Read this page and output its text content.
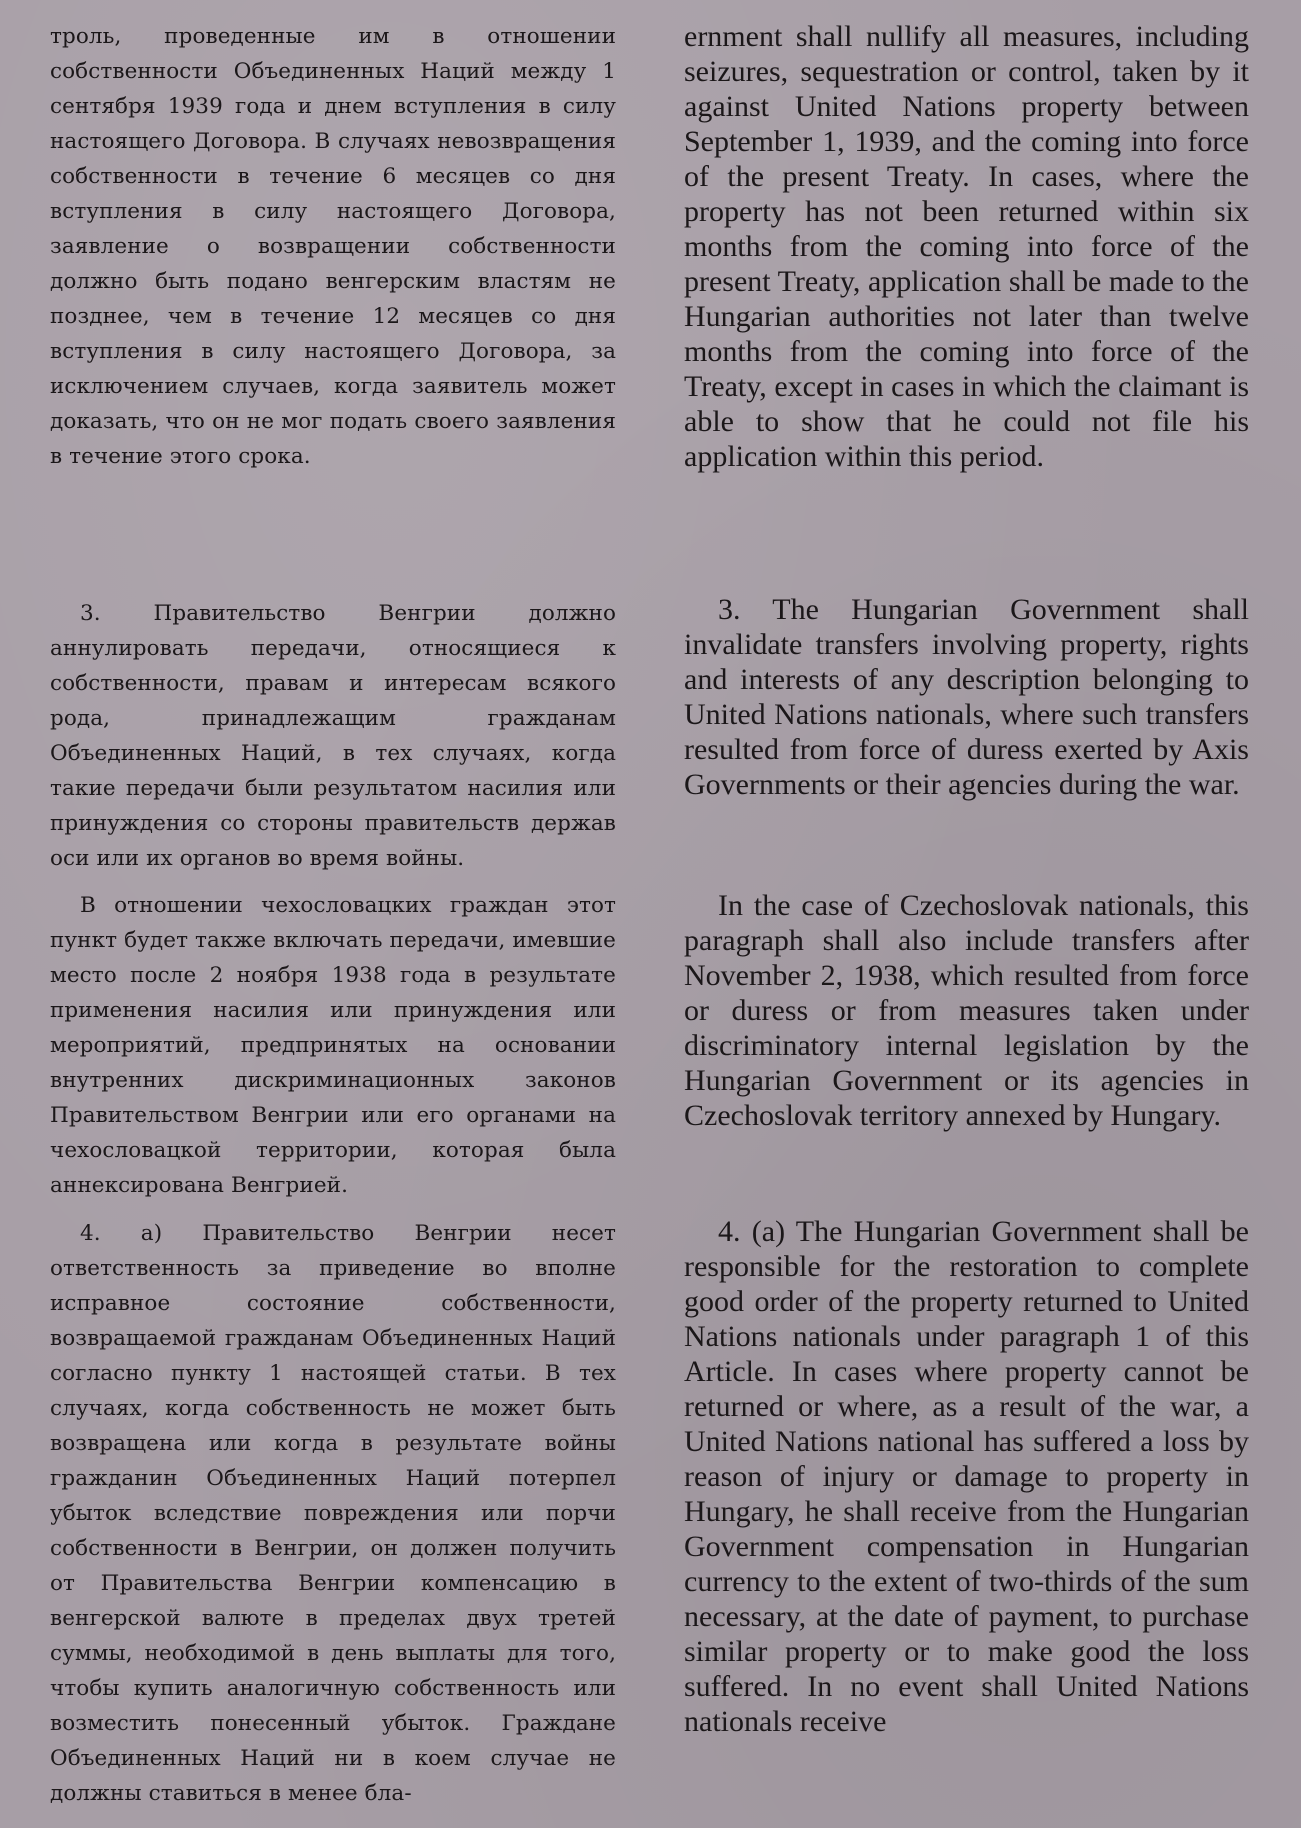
троль, проведенные им в отношении собственности Объединенных Наций между 1 сентября 1939 года и днем вступления в силу настоящего Договора. В случаях невозвращения собственности в течение 6 месяцев со дня вступления в силу настоящего Договора, заявление о возвращении собственности должно быть подано венгерским властям не позднее, чем в течение 12 месяцев со дня вступления в силу настоящего Договора, за исключением случаев, когда заявитель может доказать, что он не мог подать своего заявления в течение этого срока.

3. Правительство Венгрии должно аннулировать передачи, относящиеся к собственности, правам и интересам всякого рода, принадлежащим гражданам Объединенных Наций, в тех случаях, когда такие передачи были результатом насилия или принуждения со стороны правительств держав оси или их органов во время войны.

В отношении чехословацких граждан этот пункт будет также включать передачи, имевшие место после 2 ноября 1938 года в результате применения насилия или принуждения или мероприятий, предпринятых на основании внутренних дискриминационных законов Правительством Венгрии или его органами на чехословацкой территории, которая была аннексирована Венгрией.

4. а) Правительство Венгрии несет ответственность за приведение во вполне исправное состояние собственности, возвращаемой гражданам Объединенных Наций согласно пункту 1 настоящей статьи. В тех случаях, когда собственность не может быть возвращена или когда в результате войны гражданин Объединенных Наций потерпел убыток вследствие повреждения или порчи собственности в Венгрии, он должен получить от Правительства Венгрии компенсацию в венгерской валюте в пределах двух третей суммы, необходимой в день выплаты для того, чтобы купить аналогичную собственность или возместить понесенный убыток. Граждане Объединенных Наций ни в коем случае не должны ставиться в менее бла-

ernment shall nullify all measures, including seizures, sequestration or control, taken by it against United Nations property between September 1, 1939, and the coming into force of the present Treaty. In cases, where the property has not been returned within six months from the coming into force of the present Treaty, application shall be made to the Hungarian authorities not later than twelve months from the coming into force of the Treaty, except in cases in which the claimant is able to show that he could not file his application within this period.

3. The Hungarian Government shall invalidate transfers involving property, rights and interests of any description belonging to United Nations nationals, where such transfers resulted from force of duress exerted by Axis Governments or their agencies during the war.

In the case of Czechoslovak nationals, this paragraph shall also include transfers after November 2, 1938, which resulted from force or duress or from measures taken under discriminatory internal legislation by the Hungarian Government or its agencies in Czechoslovak territory annexed by Hungary.

4. (a) The Hungarian Government shall be responsible for the restoration to complete good order of the property returned to United Nations nationals under paragraph 1 of this Article. In cases where property cannot be returned or where, as a result of the war, a United Nations national has suffered a loss by reason of injury or damage to property in Hungary, he shall receive from the Hungarian Government compensation in Hungarian currency to the extent of two-thirds of the sum necessary, at the date of payment, to purchase similar property or to make good the loss suffered. In no event shall United Nations nationals receive
